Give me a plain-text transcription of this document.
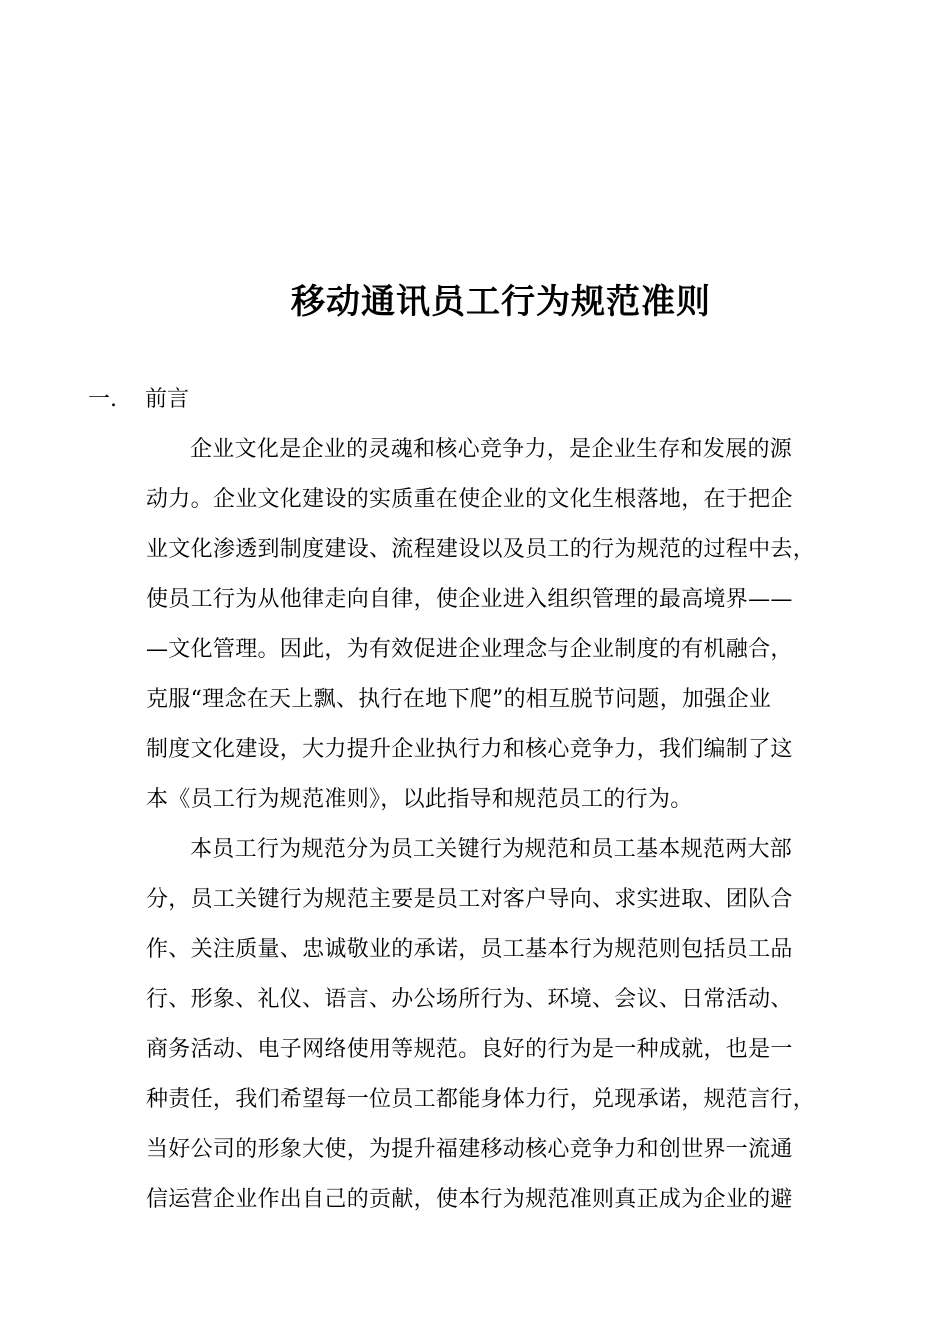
移动通讯员工行为规范准则
一. 前言
企业文化是企业的灵魂和核心竞争力，是企业生存和发展的源
动力。企业文化建设的实质重在使企业的文化生根落地，在于把企
业文化渗透到制度建设、流程建设以及员工的行为规范的过程中去，
使员工行为从他律走向自律，使企业进入组织管理的最高境界——
—文化管理。因此，为有效促进企业理念与企业制度的有机融合，
克服“理念在天上飘、执行在地下爬”的相互脱节问题，加强企业
制度文化建设，大力提升企业执行力和核心竞争力，我们编制了这
本《员工行为规范准则》，以此指导和规范员工的行为。
本员工行为规范分为员工关键行为规范和员工基本规范两大部
分，员工关键行为规范主要是员工对客户导向、求实进取、团队合
作、关注质量、忠诚敬业的承诺，员工基本行为规范则包括员工品
行、形象、礼仪、语言、办公场所行为、环境、会议、日常活动、
商务活动、电子网络使用等规范。良好的行为是一种成就，也是一
种责任，我们希望每一位员工都能身体力行，兑现承诺，规范言行，
当好公司的形象大使，为提升福建移动核心竞争力和创世界一流通
信运营企业作出自己的贡献，使本行为规范准则真正成为企业的避
